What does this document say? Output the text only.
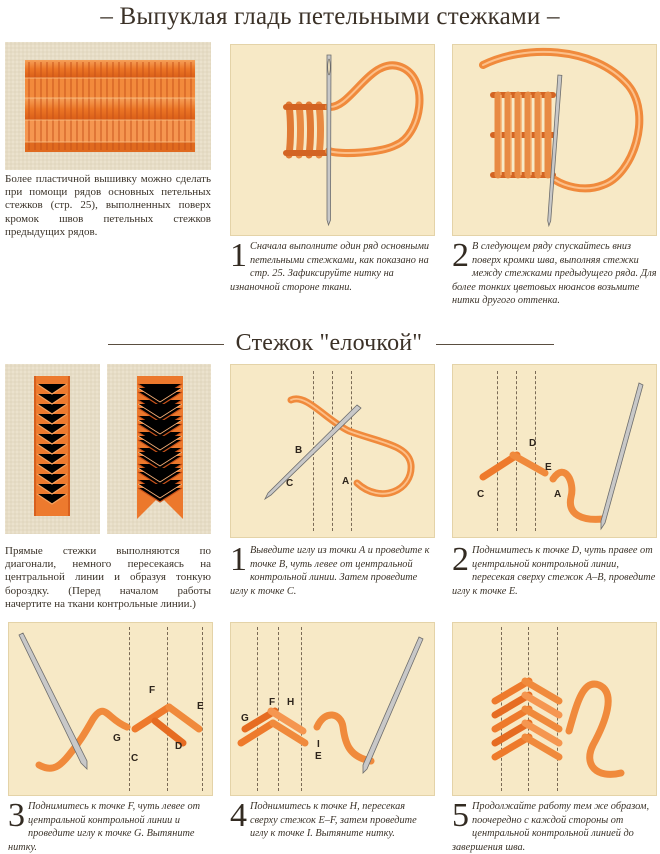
– Выпуклая гладь петельными стежками –
Более пластичной вышивку можно сделать при помощи рядов основных петельных стежков (стр. 25), выполненных поверх кромок швов петельных стежков предыдущих рядов.
1 Сначала выполните один ряд основными петельными стежками, как показано на стр. 25. Зафиксируйте нитку на изнаночной стороне ткани.
2 В следующем ряду спускайтесь вниз поверх кромки шва, выполняя стежки между стежками предыдущего ряда. Для более тонких цветовых нюансов возьмите нитки другого оттенка.
Стежок "елочкой"
Прямые стежки выполняются по диагонали, немного пересекаясь на центральной линии и образуя тонкую бороздку. (Перед началом работы начертите на ткани контрольные линии.)
B
C	A
1 Выведите иглу из точки A и проведите к точке B, чуть левее от центральной контрольной линии. Затем проведите иглу к точке C.
D
E
C	A
2 Поднимитесь к точке D, чуть правее от центральной контрольной линии, пересекая сверху стежок A–B, проведите иглу к точке E.
F
E
G
D
C
3 Поднимитесь к точке F, чуть левее от центральной контрольной линии и проведите иглу к точке G. Вытяните нитку.
G
F H
I
E
4 Поднимитесь к точке H, пересекая сверху стежок E–F, затем проведите иглу к точке I. Вытяните нитку.	5 Продолжайте работу тем же образом, поочередно с каждой стороны от центральной контрольной линией до завершения шва.
